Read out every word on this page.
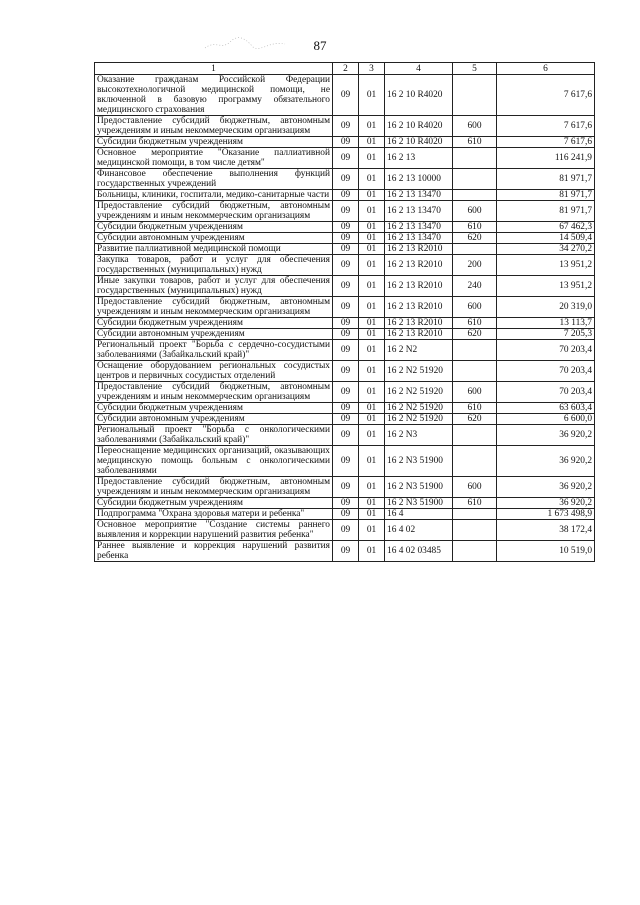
87
1	2	3	4	5	6
Оказание гражданам Российской Федерации высокотехнологичной медицинской помощи, не включенной в базовую программу обязательного медицинского страхования	09	01	16 2 10 R4020		7 617,6
Предоставление субсидий бюджетным, автономным учреждениям и иным некоммерческим организациям	09	01	16 2 10 R4020	600	7 617,6
Субсидии бюджетным учреждениям	09	01	16 2 10 R4020	610	7 617,6
Основное мероприятие "Оказание паллиативной медицинской помощи, в том числе детям"	09	01	16 2 13		116 241,9
Финансовое обеспечение выполнения функций государственных учреждений	09	01	16 2 13 10000		81 971,7
Больницы, клиники, госпитали, медико-санитарные части	09	01	16 2 13 13470		81 971,7
Предоставление субсидий бюджетным, автономным учреждениям и иным некоммерческим организациям	09	01	16 2 13 13470	600	81 971,7
Субсидии бюджетным учреждениям	09	01	16 2 13 13470	610	67 462,3
Субсидии автономным учреждениям	09	01	16 2 13 13470	620	14 509,4
Развитие паллиативной медицинской помощи	09	01	16 2 13 R2010		34 270,2
Закупка товаров, работ и услуг для обеспечения государственных (муниципальных) нужд	09	01	16 2 13 R2010	200	13 951,2
Иные закупки товаров, работ и услуг для обеспечения государственных (муниципальных) нужд	09	01	16 2 13 R2010	240	13 951,2
Предоставление субсидий бюджетным, автономным учреждениям и иным некоммерческим организациям	09	01	16 2 13 R2010	600	20 319,0
Субсидии бюджетным учреждениям	09	01	16 2 13 R2010	610	13 113,7
Субсидии автономным учреждениям	09	01	16 2 13 R2010	620	7 205,3
Региональный проект "Борьба с сердечно-сосудистыми заболеваниями (Забайкальский край)"	09	01	16 2 N2		70 203,4
Оснащение оборудованием региональных сосудистых центров и первичных сосудистых отделений	09	01	16 2 N2 51920		70 203,4
Предоставление субсидий бюджетным, автономным учреждениям и иным некоммерческим организациям	09	01	16 2 N2 51920	600	70 203,4
Субсидии бюджетным учреждениям	09	01	16 2 N2 51920	610	63 603,4
Субсидии автономным учреждениям	09	01	16 2 N2 51920	620	6 600,0
Региональный проект "Борьба с онкологическими заболеваниями (Забайкальский край)"	09	01	16 2 N3		36 920,2
Переоснащение медицинских организаций, оказывающих медицинскую помощь больным с онкологическими заболеваниями	09	01	16 2 N3 51900		36 920,2
Предоставление субсидий бюджетным, автономным учреждениям и иным некоммерческим организациям	09	01	16 2 N3 51900	600	36 920,2
Субсидии бюджетным учреждениям	09	01	16 2 N3 51900	610	36 920,2
Подпрограмма "Охрана здоровья матери и ребенка"	09	01	16 4		1 673 498,9
Основное мероприятие "Создание системы раннего выявления и коррекции нарушений развития ребенка"	09	01	16 4 02		38 172,4
Раннее выявление и коррекция нарушений развития ребенка	09	01	16 4 02 03485		10 519,0
